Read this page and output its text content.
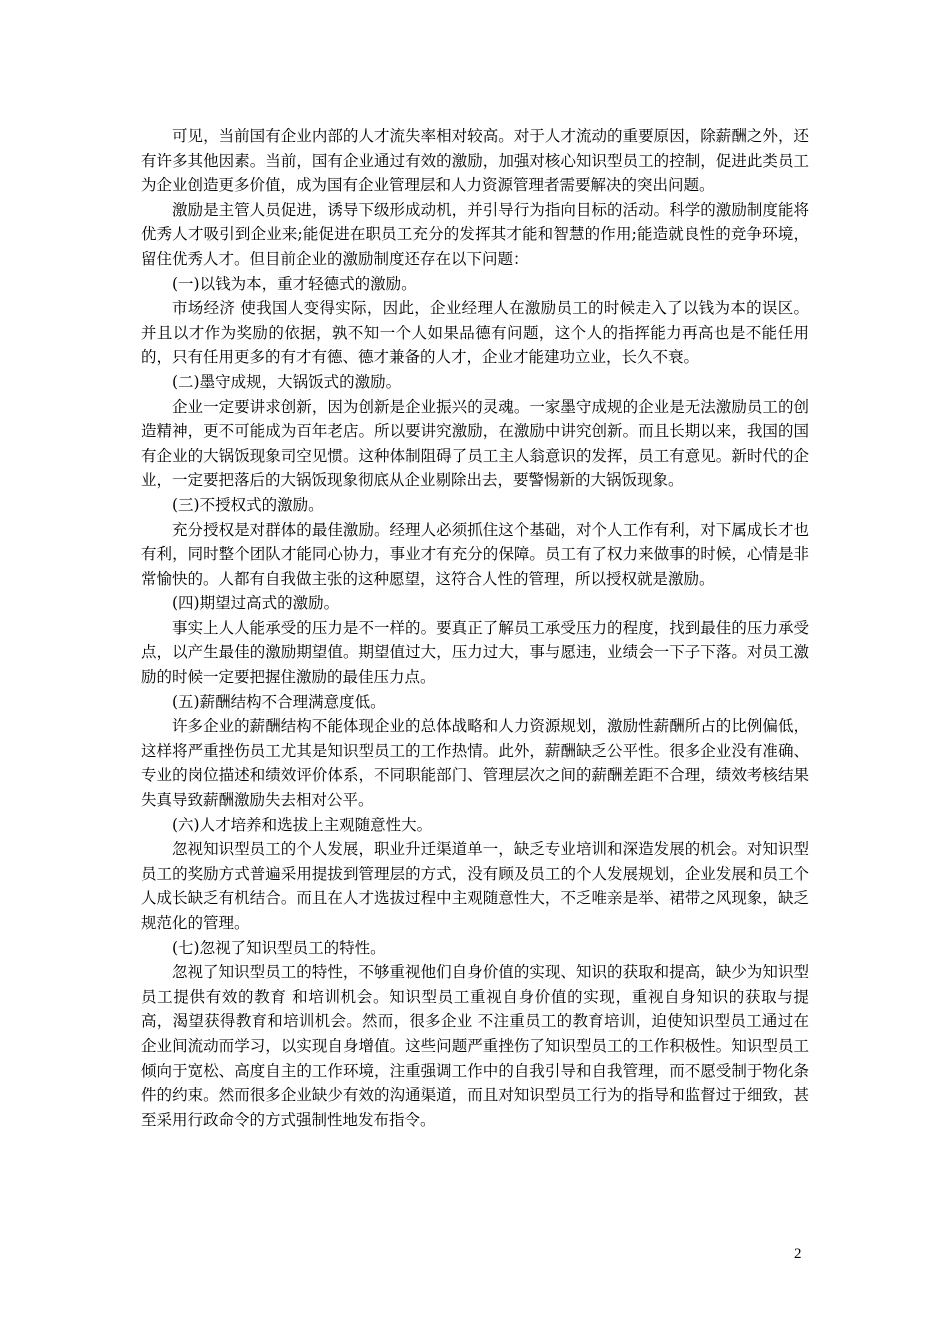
可见，当前国有企业内部的人才流失率相对较高。对于人才流动的重要原因，除薪酬之外，还有许多其他因素。当前，国有企业通过有效的激励，加强对核心知识型员工的控制，促进此类员工为企业创造更多价值，成为国有企业管理层和人力资源管理者需要解决的突出问题。

激励是主管人员促进，诱导下级形成动机，并引导行为指向目标的活动。科学的激励制度能将优秀人才吸引到企业来;能促进在职员工充分的发挥其才能和智慧的作用;能造就良性的竞争环境，留住优秀人才。但目前企业的激励制度还存在以下问题：

(一)以钱为本，重才轻德式的激励。

市场经济 使我国人变得实际，因此，企业经理人在激励员工的时候走入了以钱为本的误区。并且以才作为奖励的依据，孰不知一个人如果品德有问题，这个人的指挥能力再高也是不能任用的，只有任用更多的有才有德、德才兼备的人才，企业才能建功立业，长久不衰。

(二)墨守成规，大锅饭式的激励。

企业一定要讲求创新，因为创新是企业振兴的灵魂。一家墨守成规的企业是无法激励员工的创造精神，更不可能成为百年老店。所以要讲究激励，在激励中讲究创新。而且长期以来，我国的国有企业的大锅饭现象司空见惯。这种体制阻碍了员工主人翁意识的发挥，员工有意见。新时代的企业，一定要把落后的大锅饭现象彻底从企业剔除出去，要警惕新的大锅饭现象。

(三)不授权式的激励。

充分授权是对群体的最佳激励。经理人必须抓住这个基础，对个人工作有利，对下属成长才也有利，同时整个团队才能同心协力，事业才有充分的保障。员工有了权力来做事的时候，心情是非常愉快的。人都有自我做主张的这种愿望，这符合人性的管理，所以授权就是激励。

(四)期望过高式的激励。

事实上人人能承受的压力是不一样的。要真正了解员工承受压力的程度，找到最佳的压力承受点，以产生最佳的激励期望值。期望值过大，压力过大，事与愿违，业绩会一下子下落。对员工激励的时候一定要把握住激励的最佳压力点。

(五)薪酬结构不合理满意度低。

许多企业的薪酬结构不能体现企业的总体战略和人力资源规划，激励性薪酬所占的比例偏低，这样将严重挫伤员工尤其是知识型员工的工作热情。此外，薪酬缺乏公平性。很多企业没有准确、专业的岗位描述和绩效评价体系，不同职能部门、管理层次之间的薪酬差距不合理，绩效考核结果失真导致薪酬激励失去相对公平。

(六)人才培养和选拔上主观随意性大。

忽视知识型员工的个人发展，职业升迁渠道单一，缺乏专业培训和深造发展的机会。对知识型员工的奖励方式普遍采用提拔到管理层的方式，没有顾及员工的个人发展规划，企业发展和员工个人成长缺乏有机结合。而且在人才选拔过程中主观随意性大，不乏唯亲是举、裙带之风现象，缺乏规范化的管理。

(七)忽视了知识型员工的特性。

忽视了知识型员工的特性，不够重视他们自身价值的实现、知识的获取和提高，缺少为知识型员工提供有效的教育 和培训机会。知识型员工重视自身价值的实现，重视自身知识的获取与提高，渴望获得教育和培训机会。然而，很多企业 不注重员工的教育培训，迫使知识型员工通过在企业间流动而学习，以实现自身增值。这些问题严重挫伤了知识型员工的工作积极性。知识型员工倾向于宽松、高度自主的工作环境，注重强调工作中的自我引导和自我管理，而不愿受制于物化条件的约束。然而很多企业缺少有效的沟通渠道，而且对知识型员工行为的指导和监督过于细致，甚至采用行政命令的方式强制性地发布指令。

2
